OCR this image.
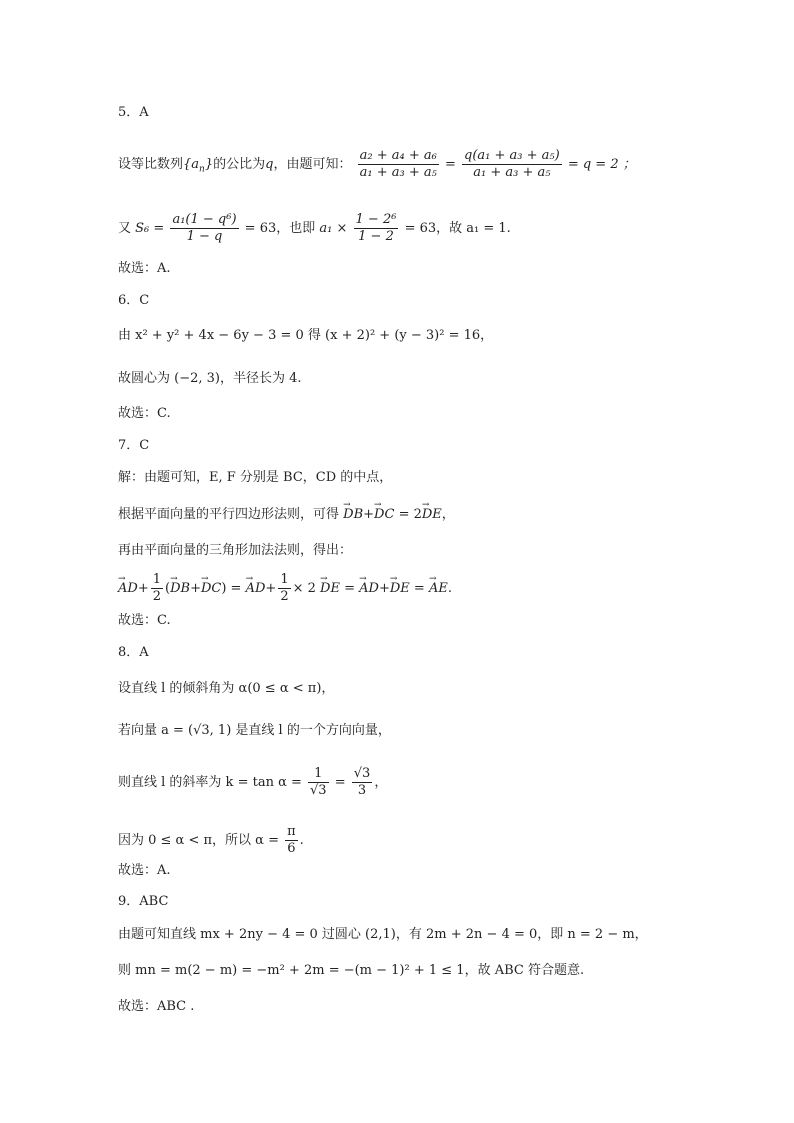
5．A
设等比数列$\{a_n\}$的公比为q，由题可知： $\frac{\text{a₂ + a₄ + a₆}}{\text{a₁ + a₃ + a₅}} = \frac{\text{q(a₁ + a₃ + a₅)}}{\text{a₁ + a₃ + a₅}} = q = 2$ ；
又 $S_6 = \frac{\text{a₁(1 − q⁶)}}{1 - q} = 63$，也即 $a_1 \times \frac{\text{1 − 2⁶}}{1 - 2} = 63$，故 a₁ = 1.
故选：A.
6．C
由 x² + y² + 4x − 6y − 3 = 0 得 (x + 2)² + (y − 3)² = 16，
故圆心为 (−2, 3)，半径长为 4.
故选：C.
7．C
解：由题可知，E, F 分别是 BC，CD 的中点，
根据平面向量的平行四边形法则，可得 → DB+→ DC = 2→ DE，
再由平面向量的三角形加法法则，得出：
→ $AD+ \frac{1}{2}$ (→ DB+→ DC) = → $AD+ \frac{1}{2} \times 2$ → DE = → AD+→ DE = → AE.
故选：C.
8．A
设直线 l 的倾斜角为 α(0 ≤ α < π)，
若向量 a = (√3, 1) 是直线 l 的一个方向向量，
则直线 l 的斜率为 $k = \tan \alpha = \frac{1}{√3} = \frac{√3}{3}$ ，
因为 0 ≤ α < π，所以 $\alpha = \frac{\pi}{6}$ .
故选：A.
9．ABC
由题可知直线 mx + 2ny − 4 = 0 过圆心 (2,1)，有 2m + 2n − 4 = 0，即 n = 2 − m，
则 mn = m(2 − m) = −m² + 2m = −(m − 1)² + 1 ≤ 1，故 ABC 符合题意.
故选：ABC .
